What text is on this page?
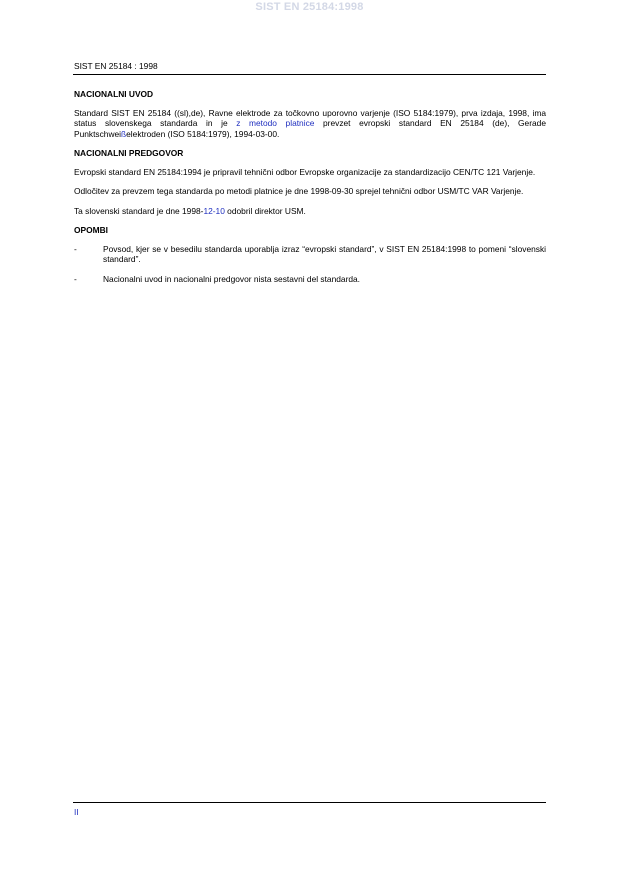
SIST EN 25184:1998
SIST EN 25184 : 1998
NACIONALNI UVOD

Standard SIST EN 25184 ((sl),de), Ravne elektrode za točkovno uporovno varjenje (ISO 5184:1979), prva izdaja, 1998, ima status slovenskega standarda in je z metodo platnice prevzet evropski standard EN 25184 (de), Gerade Punktschweißelektroden (ISO 5184:1979), 1994-03-00.

NACIONALNI PREDGOVOR

Evropski standard EN 25184:1994 je pripravil tehnični odbor Evropske organizacije za standardizacijo CEN/TC 121 Varjenje.

Odločitev za prevzem tega standarda po metodi platnice je dne 1998-09-30 sprejel tehnični odbor USM/TC VAR Varjenje.

Ta slovenski standard je dne 1998-12-10 odobril direktor USM.

OPOMBI
-	Povsod, kjer se v besedilu standarda uporablja izraz “evropski standard”, v SIST EN 25184:1998 to pomeni “slovenski standard”.
-	Nacionalni uvod in nacionalni predgovor nista sestavni del standarda.
II
